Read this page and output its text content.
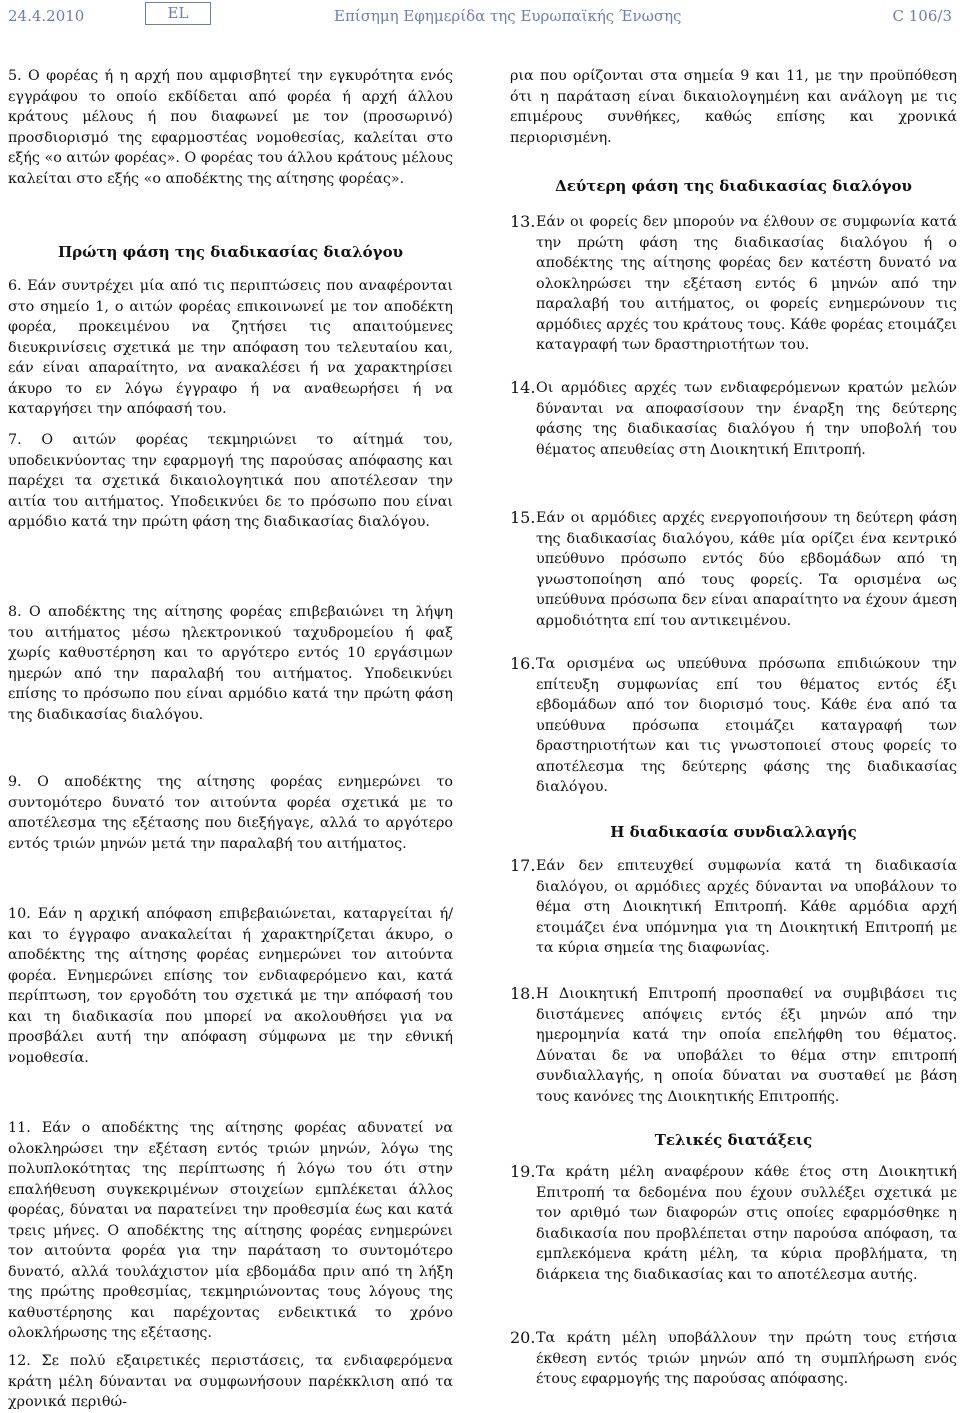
24.4.2010	EL	Επίσημη Εφημερίδα της Ευρωπαϊκής Ένωσης	C 106/3

5. Ο φορέας ή η αρχή που αμφισβητεί την εγκυρότητα ενός εγγράφου το οποίο εκδίδεται από φορέα ή αρχή άλλου κράτους μέλους ή που διαφωνεί με τον (προσωρινό) προσδιορισμό της εφαρμοστέας νομοθεσίας, καλείται στο εξής «ο αιτών φορέας». Ο φορέας του άλλου κράτους μέλους καλείται στο εξής «ο αποδέκτης της αίτησης φορέας».

Πρώτη φάση της διαδικασίας διαλόγου

6. Εάν συντρέχει μία από τις περιπτώσεις που αναφέρονται στο σημείο 1, ο αιτών φορέας επικοινωνεί με τον αποδέκτη φορέα, προκειμένου να ζητήσει τις απαιτούμενες διευκρινίσεις σχετικά με την απόφαση του τελευταίου και, εάν είναι απαραίτητο, να ανακαλέσει ή να χαρακτηρίσει άκυρο το εν λόγω έγγραφο ή να αναθεωρήσει ή να καταργήσει την απόφασή του.

7. Ο αιτών φορέας τεκμηριώνει το αίτημά του, υποδεικνύοντας την εφαρμογή της παρούσας απόφασης και παρέχει τα σχετικά δικαιολογητικά που αποτέλεσαν την αιτία του αιτήματος. Υποδεικνύει δε το πρόσωπο που είναι αρμόδιο κατά την πρώτη φάση της διαδικασίας διαλόγου.

8. Ο αποδέκτης της αίτησης φορέας επιβεβαιώνει τη λήψη του αιτήματος μέσω ηλεκτρονικού ταχυδρομείου ή φαξ χωρίς καθυστέρηση και το αργότερο εντός 10 εργάσιμων ημερών από την παραλαβή του αιτήματος. Υποδεικνύει επίσης το πρόσωπο που είναι αρμόδιο κατά την πρώτη φάση της διαδικασίας διαλόγου.

9. Ο αποδέκτης της αίτησης φορέας ενημερώνει το συντομότερο δυνατό τον αιτούντα φορέα σχετικά με το αποτέλεσμα της εξέτασης που διεξήγαγε, αλλά το αργότερο εντός τριών μηνών μετά την παραλαβή του αιτήματος.

10. Εάν η αρχική απόφαση επιβεβαιώνεται, καταργείται ή/και το έγγραφο ανακαλείται ή χαρακτηρίζεται άκυρο, ο αποδέκτης της αίτησης φορέας ενημερώνει τον αιτούντα φορέα. Ενημερώνει επίσης τον ενδιαφερόμενο και, κατά περίπτωση, τον εργοδότη του σχετικά με την απόφασή του και τη διαδικασία που μπορεί να ακολουθήσει για να προσβάλει αυτή την απόφαση σύμφωνα με την εθνική νομοθεσία.

11. Εάν ο αποδέκτης της αίτησης φορέας αδυνατεί να ολοκληρώσει την εξέταση εντός τριών μηνών, λόγω της πολυπλοκότητας της περίπτωσης ή λόγω του ότι στην επαλήθευση συγκεκριμένων στοιχείων εμπλέκεται άλλος φορέας, δύναται να παρατείνει την προθεσμία έως και κατά τρεις μήνες. Ο αποδέκτης της αίτησης φορέας ενημερώνει τον αιτούντα φορέα για την παράταση το συντομότερο δυνατό, αλλά τουλάχιστον μία εβδομάδα πριν από τη λήξη της πρώτης προθεσμίας, τεκμηριώνοντας τους λόγους της καθυστέρησης και παρέχοντας ενδεικτικά το χρόνο ολοκλήρωσης της εξέτασης.

12. Σε πολύ εξαιρετικές περιστάσεις, τα ενδιαφερόμενα κράτη μέλη δύνανται να συμφωνήσουν παρέκκλιση από τα χρονικά περιθώ-

ρια που ορίζονται στα σημεία 9 και 11, με την προϋπόθεση ότι η παράταση είναι δικαιολογημένη και ανάλογη με τις επιμέρους συνθήκες, καθώς επίσης και χρονικά περιορισμένη.

Δεύτερη φάση της διαδικασίας διαλόγου

13. Εάν οι φορείς δεν μπορούν να έλθουν σε συμφωνία κατά την πρώτη φάση της διαδικασίας διαλόγου ή ο αποδέκτης της αίτησης φορέας δεν κατέστη δυνατό να ολοκληρώσει την εξέταση εντός 6 μηνών από την παραλαβή του αιτήματος, οι φορείς ενημερώνουν τις αρμόδιες αρχές του κράτους τους. Κάθε φορέας ετοιμάζει καταγραφή των δραστηριοτήτων του.

14. Οι αρμόδιες αρχές των ενδιαφερόμενων κρατών μελών δύνανται να αποφασίσουν την έναρξη της δεύτερης φάσης της διαδικασίας διαλόγου ή την υποβολή του θέματος απευθείας στη Διοικητική Επιτροπή.

15. Εάν οι αρμόδιες αρχές ενεργοποιήσουν τη δεύτερη φάση της διαδικασίας διαλόγου, κάθε μία ορίζει ένα κεντρικό υπεύθυνο πρόσωπο εντός δύο εβδομάδων από τη γνωστοποίηση από τους φορείς. Τα ορισμένα ως υπεύθυνα πρόσωπα δεν είναι απαραίτητο να έχουν άμεση αρμοδιότητα επί του αντικειμένου.

16. Τα ορισμένα ως υπεύθυνα πρόσωπα επιδιώκουν την επίτευξη συμφωνίας επί του θέματος εντός έξι εβδομάδων από τον διορισμό τους. Κάθε ένα από τα υπεύθυνα πρόσωπα ετοιμάζει καταγραφή των δραστηριοτήτων και τις γνωστοποιεί στους φορείς το αποτέλεσμα της δεύτερης φάσης της διαδικασίας διαλόγου.

Η διαδικασία συνδιαλλαγής

17. Εάν δεν επιτευχθεί συμφωνία κατά τη διαδικασία διαλόγου, οι αρμόδιες αρχές δύνανται να υποβάλουν το θέμα στη Διοικητική Επιτροπή. Κάθε αρμόδια αρχή ετοιμάζει ένα υπόμνημα για τη Διοικητική Επιτροπή με τα κύρια σημεία της διαφωνίας.

18. Η Διοικητική Επιτροπή προσπαθεί να συμβιβάσει τις διιστάμενες απόψεις εντός έξι μηνών από την ημερομηνία κατά την οποία επελήφθη του θέματος. Δύναται δε να υποβάλει το θέμα στην επιτροπή συνδιαλλαγής, η οποία δύναται να συσταθεί με βάση τους κανόνες της Διοικητικής Επιτροπής.

Τελικές διατάξεις

19. Τα κράτη μέλη αναφέρουν κάθε έτος στη Διοικητική Επιτροπή τα δεδομένα που έχουν συλλέξει σχετικά με τον αριθμό των διαφορών στις οποίες εφαρμόσθηκε η διαδικασία που προβλέπεται στην παρούσα απόφαση, τα εμπλεκόμενα κράτη μέλη, τα κύρια προβλήματα, τη διάρκεια της διαδικασίας και το αποτέλεσμα αυτής.

20. Τα κράτη μέλη υποβάλλουν την πρώτη τους ετήσια έκθεση εντός τριών μηνών από τη συμπλήρωση ενός έτους εφαρμογής της παρούσας απόφασης.
